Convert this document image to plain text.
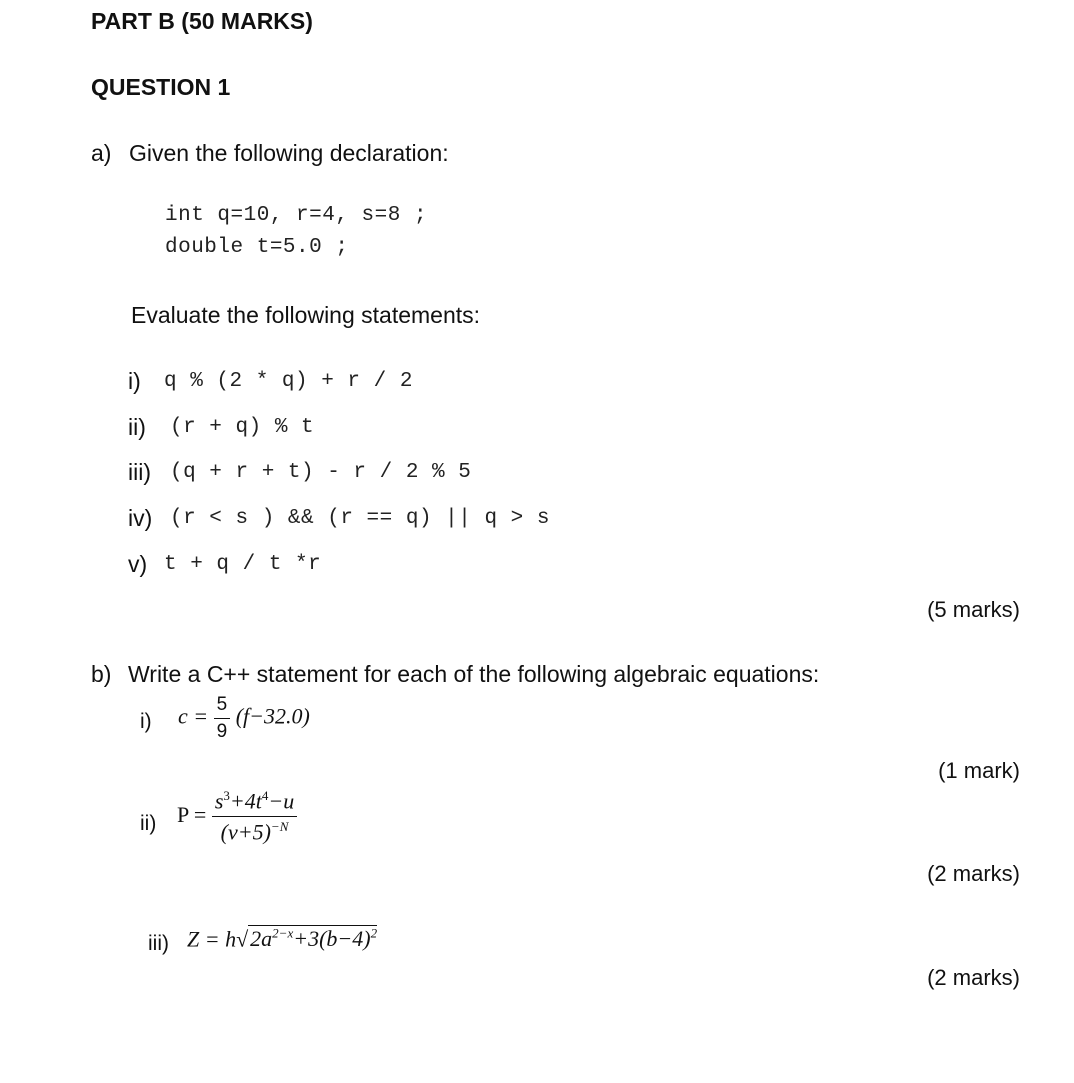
PART B (50 MARKS)
QUESTION 1
a) Given the following declaration:
int q=10, r=4, s=8 ;
double t=5.0 ;
Evaluate the following statements:
i) q % (2 * q) + r / 2
ii) (r + q) % t
iii) (q + r + t) - r / 2 % 5
iv) (r < s ) && (r == q) || q > s
v) t + q / t *r
(5 marks)
b) Write a C++ statement for each of the following algebraic equations:
i) $c = \frac{5}{9} (f-32.0)$
(1 mark)
ii) $P = \frac{s^3+4t^4-u}{(v+5)^{-N}}$
(2 marks)
iii) $Z = h√2a^{2-x}+3(b-4)^2$
(2 marks)
